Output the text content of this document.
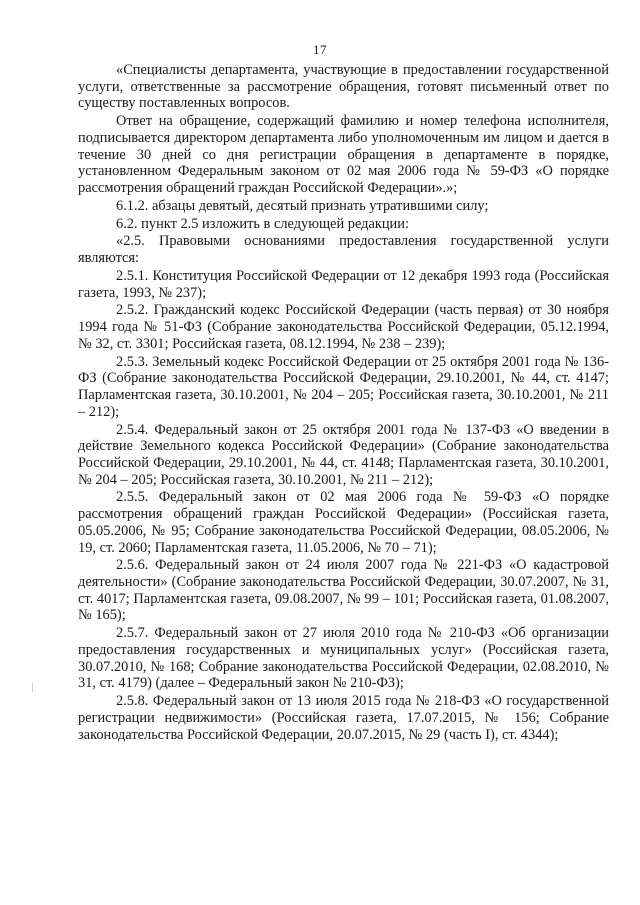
17

«Специалисты департамента, участвующие в предоставлении государственной услуги, ответственные за рассмотрение обращения, готовят письменный ответ по существу поставленных вопросов.

Ответ на обращение, содержащий фамилию и номер телефона исполнителя, подписывается директором департамента либо уполномоченным им лицом и дается в течение 30 дней со дня регистрации обращения в департаменте в порядке, установленном Федеральным законом от 02 мая 2006 года № 59-ФЗ «О порядке рассмотрения обращений граждан Российской Федерации».»;

6.1.2. абзацы девятый, десятый признать утратившими силу;

6.2. пункт 2.5 изложить в следующей редакции:

«2.5. Правовыми основаниями предоставления государственной услуги являются:

2.5.1. Конституция Российской Федерации от 12 декабря 1993 года (Российская газета, 1993, № 237);

2.5.2. Гражданский кодекс Российской Федерации (часть первая) от 30 ноября 1994 года № 51-ФЗ (Собрание законодательства Российской Федерации, 05.12.1994, № 32, ст. 3301; Российская газета, 08.12.1994, № 238 – 239);

2.5.3. Земельный кодекс Российской Федерации от 25 октября 2001 года № 136-ФЗ (Собрание законодательства Российской Федерации, 29.10.2001, № 44, ст. 4147; Парламентская газета, 30.10.2001, № 204 – 205; Российская газета, 30.10.2001, № 211 – 212);

2.5.4. Федеральный закон от 25 октября 2001 года № 137-ФЗ «О введении в действие Земельного кодекса Российской Федерации» (Собрание законодательства Российской Федерации, 29.10.2001, № 44, ст. 4148; Парламентская газета, 30.10.2001, № 204 – 205; Российская газета, 30.10.2001, № 211 – 212);

2.5.5. Федеральный закон от 02 мая 2006 года № 59-ФЗ «О порядке рассмотрения обращений граждан Российской Федерации» (Российская газета, 05.05.2006, № 95; Собрание законодательства Российской Федерации, 08.05.2006, № 19, ст. 2060; Парламентская газета, 11.05.2006, № 70 – 71);

2.5.6. Федеральный закон от 24 июля 2007 года № 221-ФЗ «О кадастровой деятельности» (Собрание законодательства Российской Федерации, 30.07.2007, № 31, ст. 4017; Парламентская газета, 09.08.2007, № 99 – 101; Российская газета, 01.08.2007, № 165);

2.5.7. Федеральный закон от 27 июля 2010 года № 210-ФЗ «Об организации предоставления государственных и муниципальных услуг» (Российская газета, 30.07.2010, № 168; Собрание законодательства Российской Федерации, 02.08.2010, № 31, ст. 4179) (далее – Федеральный закон № 210-ФЗ);

2.5.8. Федеральный закон от 13 июля 2015 года № 218-ФЗ «О государственной регистрации недвижимости» (Российская газета, 17.07.2015, № 156; Собрание законодательства Российской Федерации, 20.07.2015, № 29 (часть I), ст. 4344);
